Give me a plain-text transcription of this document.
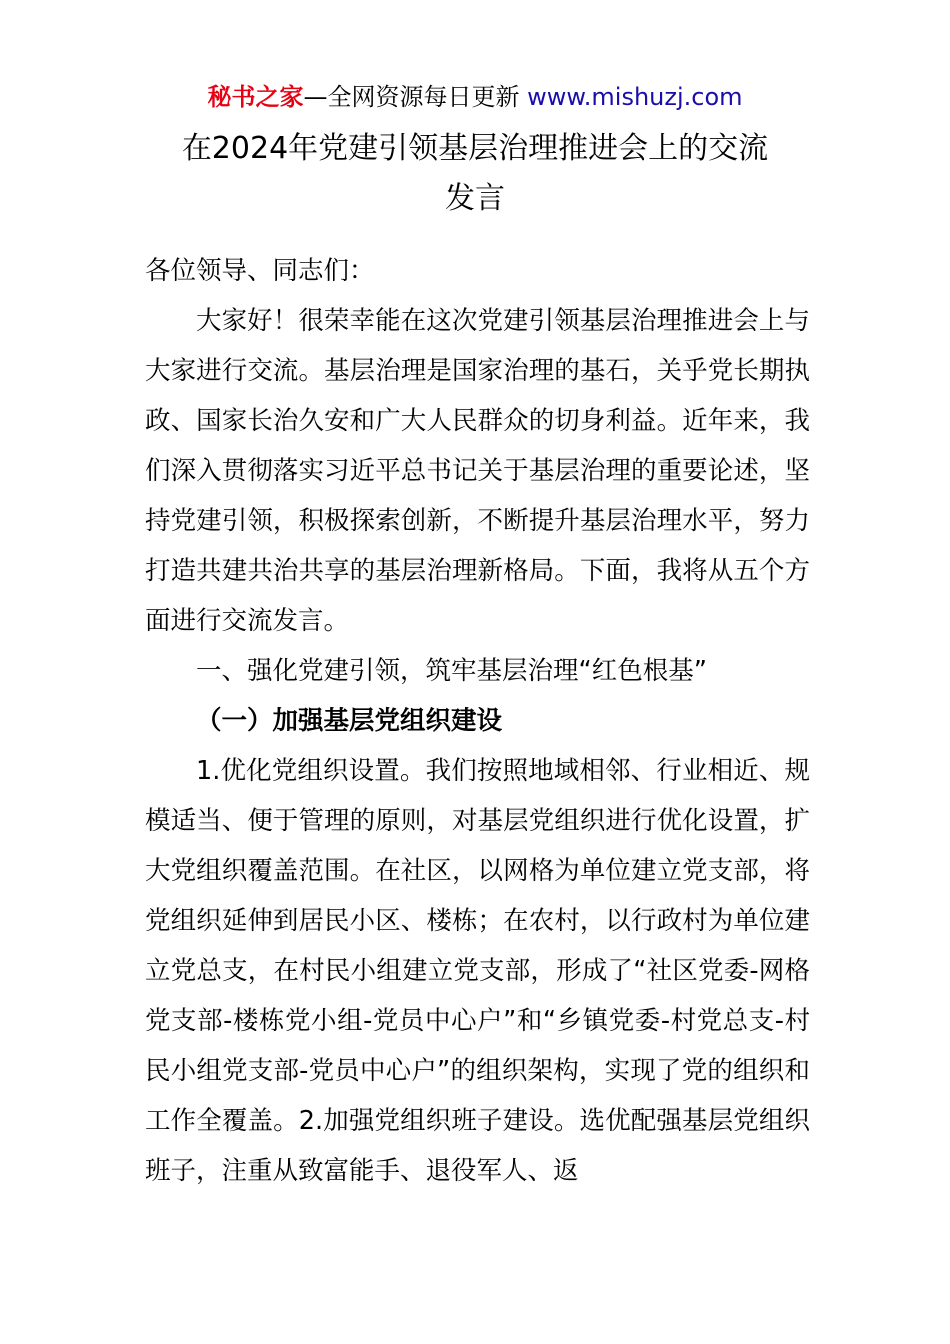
秘书之家—全网资源每日更新 www.mishuzj.com
在2024年党建引领基层治理推进会上的交流
发言

各位领导、同志们：

大家好！很荣幸能在这次党建引领基层治理推进会上与大家进行交流。基层治理是国家治理的基石，关乎党长期执政、国家长治久安和广大人民群众的切身利益。近年来，我们深入贯彻落实习近平总书记关于基层治理的重要论述，坚持党建引领，积极探索创新，不断提升基层治理水平，努力打造共建共治共享的基层治理新格局。下面，我将从五个方面进行交流发言。

一、强化党建引领，筑牢基层治理“红色根基”

（一）加强基层党组织建设

1.优化党组织设置。我们按照地域相邻、行业相近、规模适当、便于管理的原则，对基层党组织进行优化设置，扩大党组织覆盖范围。在社区，以网格为单位建立党支部，将党组织延伸到居民小区、楼栋；在农村，以行政村为单位建立党总支，在村民小组建立党支部，形成了“社区党委-网格党支部-楼栋党小组-党员中心户”和“乡镇党委-村党总支-村民小组党支部-党员中心户”的组织架构，实现了党的组织和工作全覆盖。2.加强党组织班子建设。选优配强基层党组织班子，注重从致富能手、退役军人、返
